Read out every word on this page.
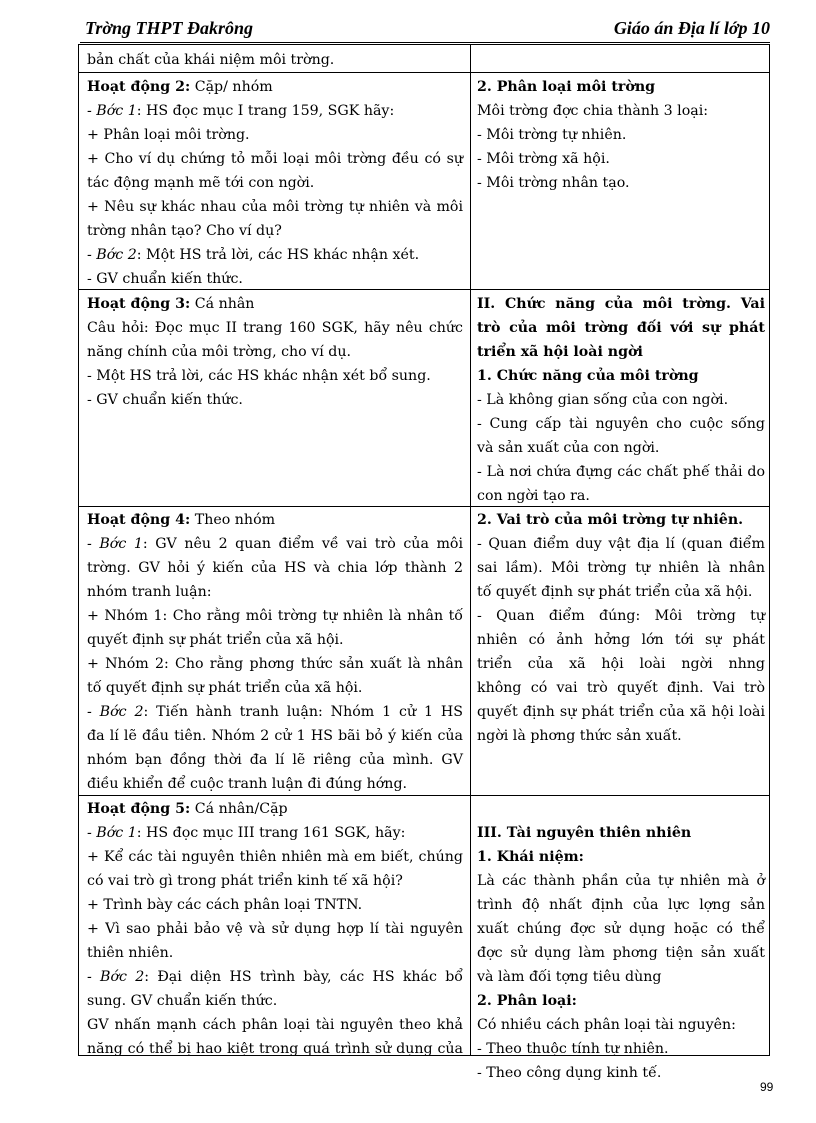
Trờng THPT Đakrông	Giáo án Địa lí lớp 10
bản chất của khái niệm môi trờng.
Hoạt động 2: Cặp/ nhóm
- Bớc 1: HS đọc mục I trang 159, SGK hãy:
+ Phân loại môi trờng.
+ Cho ví dụ chứng tỏ mỗi loại môi trờng đều có sự
tác động mạnh mẽ tới con ngời.
+ Nêu sự khác nhau của môi trờng tự nhiên và môi
trờng nhân tạo? Cho ví dụ?
- Bớc 2: Một HS trả lời, các HS khác nhận xét.
- GV chuẩn kiến thức.
2. Phân loại môi trờng
Môi trờng đợc chia thành 3 loại:
- Môi trờng tự nhiên.
- Môi trờng xã hội.
- Môi trờng nhân tạo.
Hoạt động 3: Cá nhân
Câu hỏi: Đọc mục II trang 160 SGK, hãy nêu chức
năng chính của môi trờng, cho ví dụ.
- Một HS trả lời, các HS khác nhận xét bổ sung.
- GV chuẩn kiến thức.
II. Chức năng của môi trờng. Vai
trò của môi trờng đối với sự phát
triển xã hội loài ngời
1. Chức năng của môi trờng
- Là không gian sống của con ngời.
- Cung cấp tài nguyên cho cuộc sống
và sản xuất của con ngời.
- Là nơi chứa đựng các chất phế thải do
con ngời tạo ra.
Hoạt động 4: Theo nhóm
- Bớc 1: GV nêu 2 quan điểm về vai trò của môi
trờng. GV hỏi ý kiến của HS và chia lớp thành 2
nhóm tranh luận:
+ Nhóm 1: Cho rằng môi trờng tự nhiên là nhân tố
quyết định sự phát triển của xã hội.
+ Nhóm 2: Cho rằng phơng thức sản xuất là nhân
tố quyết định sự phát triển của xã hội.
- Bớc 2: Tiến hành tranh luận: Nhóm 1 cử 1 HS
đa lí lẽ đầu tiên. Nhóm 2 cử 1 HS bãi bỏ ý kiến của
nhóm bạn đồng thời đa lí lẽ riêng của mình. GV
điều khiển để cuộc tranh luận đi đúng hớng.
2. Vai trò của môi trờng tự nhiên.
- Quan điểm duy vật địa lí (quan điểm
sai lầm). Môi trờng tự nhiên là nhân
tố quyết định sự phát triển của xã hội.
- Quan điểm đúng: Môi trờng tự
nhiên có ảnh hởng lớn tới sự phát
triển của xã hội loài ngời nhng
không có vai trò quyết định. Vai trò
quyết định sự phát triển của xã hội loài
ngời là phơng thức sản xuất.
Hoạt động 5: Cá nhân/Cặp
- Bớc 1: HS đọc mục III trang 161 SGK, hãy:
+ Kể các tài nguyên thiên nhiên mà em biết, chúng
có vai trò gì trong phát triển kinh tế xã hội?
+ Trình bày các cách phân loại TNTN.
+ Vì sao phải bảo vệ và sử dụng hợp lí tài nguyên
thiên nhiên.
- Bớc 2: Đại diện HS trình bày, các HS khác bổ
sung. GV chuẩn kiến thức.
GV nhấn mạnh cách phân loại tài nguyên theo khả
năng có thể bị hao kiệt trong quá trình sử dụng của

III. Tài nguyên thiên nhiên
1. Khái niệm:
Là các thành phần của tự nhiên mà ở
trình độ nhất định của lực lợng sản
xuất chúng đợc sử dụng hoặc có thể
đợc sử dụng làm phơng tiện sản xuất
và làm đối tợng tiêu dùng
2. Phân loại:
Có nhiều cách phân loại tài nguyên:
- Theo thuộc tính tự nhiên.
- Theo công dụng kinh tế.
99
